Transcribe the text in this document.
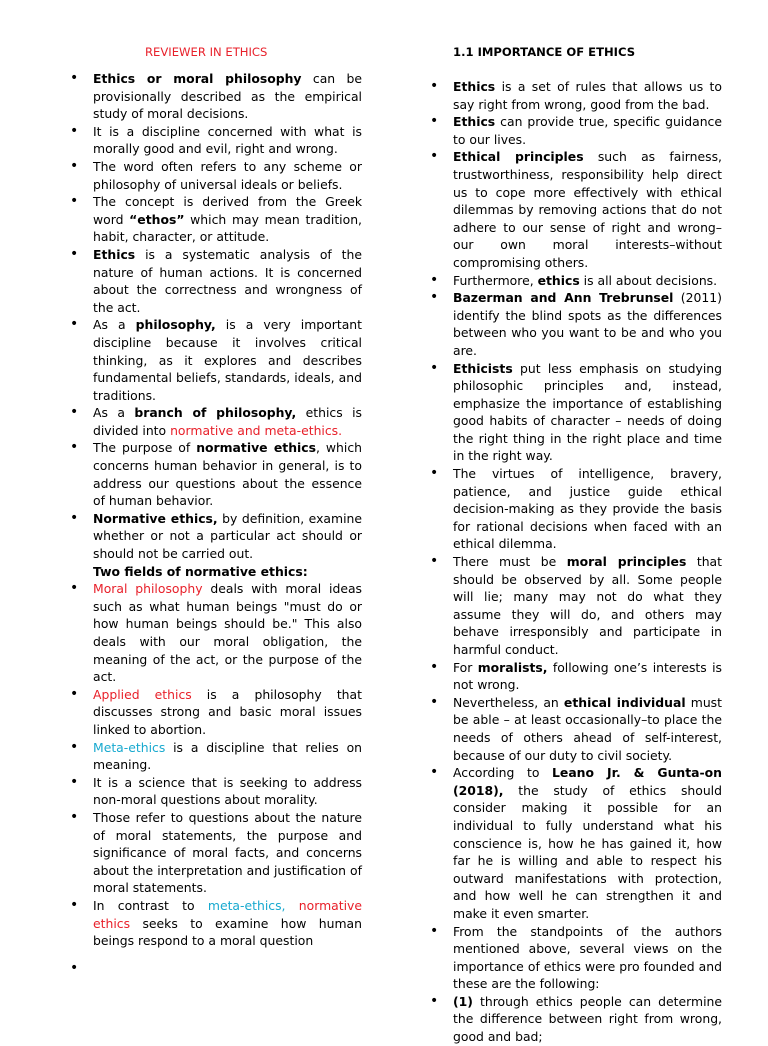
REVIEWER IN ETHICS	1.1 IMPORTANCE OF ETHICS
• Ethics or moral philosophy can be provisionally described as the empirical study of moral decisions.
• It is a discipline concerned with what is morally good and evil, right and wrong.
• The word often refers to any scheme or philosophy of universal ideals or beliefs.
• The concept is derived from the Greek word “ethos” which may mean tradition, habit, character, or attitude.
• Ethics is a systematic analysis of the nature of human actions. It is concerned about the correctness and wrongness of the act.
• As a philosophy, is a very important discipline because it involves critical thinking, as it explores and describes fundamental beliefs, standards, ideals, and traditions.
• As a branch of philosophy, ethics is divided into normative and meta-ethics.
• The purpose of normative ethics, which concerns human behavior in general, is to address our questions about the essence of human behavior.
• Normative ethics, by definition, examine whether or not a particular act should or should not be carried out.
Two fields of normative ethics:
• Moral philosophy deals with moral ideas such as what human beings "must do or how human beings should be." This also deals with our moral obligation, the meaning of the act, or the purpose of the act.
• Applied ethics is a philosophy that discusses strong and basic moral issues linked to abortion.
• Meta-ethics is a discipline that relies on meaning.
• It is a science that is seeking to address non-moral questions about morality.
• Those refer to questions about the nature of moral statements, the purpose and significance of moral facts, and concerns about the interpretation and justification of moral statements.
• In contrast to meta-ethics, normative ethics seeks to examine how human beings respond to a moral question
•
• Ethics is a set of rules that allows us to say right from wrong, good from the bad.
• Ethics can provide true, specific guidance to our lives.
• Ethical principles such as fairness, trustworthiness, responsibility help direct us to cope more effectively with ethical dilemmas by removing actions that do not adhere to our sense of right and wrong–our own moral interests–without compromising others.
• Furthermore, ethics is all about decisions.
• Bazerman and Ann Trebrunsel (2011) identify the blind spots as the differences between who you want to be and who you are.
• Ethicists put less emphasis on studying philosophic principles and, instead, emphasize the importance of establishing good habits of character – needs of doing the right thing in the right place and time in the right way.
• The virtues of intelligence, bravery, patience, and justice guide ethical decision-making as they provide the basis for rational decisions when faced with an ethical dilemma.
• There must be moral principles that should be observed by all. Some people will lie; many may not do what they assume they will do, and others may behave irresponsibly and participate in harmful conduct.
• For moralists, following one’s interests is not wrong.
• Nevertheless, an ethical individual must be able – at least occasionally–to place the needs of others ahead of self-interest, because of our duty to civil society.
• According to Leano Jr. & Gunta-on (2018), the study of ethics should consider making it possible for an individual to fully understand what his conscience is, how he has gained it, how far he is willing and able to respect his outward manifestations with protection, and how well he can strengthen it and make it even smarter.
• From the standpoints of the authors mentioned above, several views on the importance of ethics were pro founded and these are the following:
• (1) through ethics people can determine the difference between right from wrong, good and bad;
